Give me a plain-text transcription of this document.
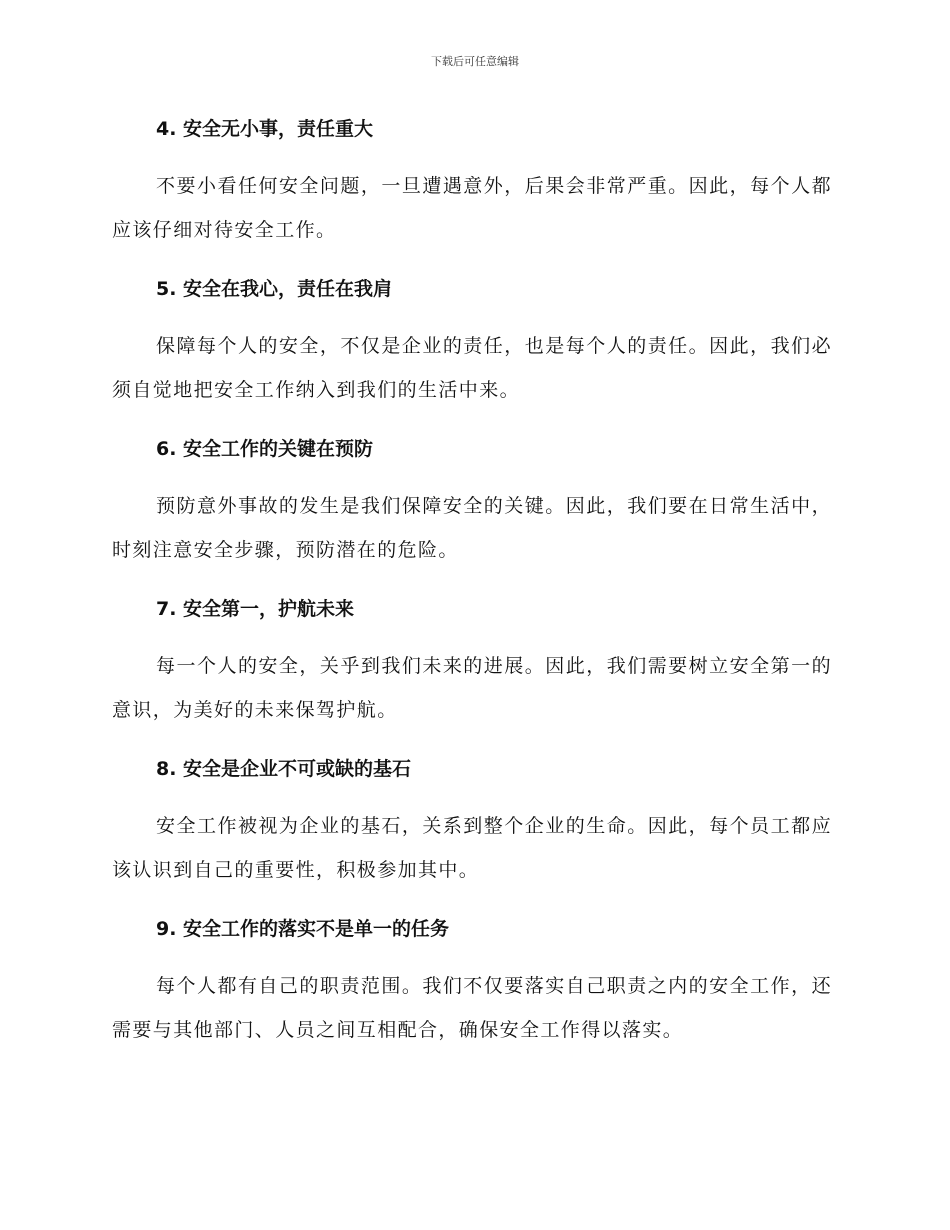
下载后可任意编辑
4. 安全无小事，责任重大

不要小看任何安全问题，一旦遭遇意外，后果会非常严重。因此，每个人都应该仔细对待安全工作。

5. 安全在我心，责任在我肩

保障每个人的安全，不仅是企业的责任，也是每个人的责任。因此，我们必须自觉地把安全工作纳入到我们的生活中来。

6. 安全工作的关键在预防

预防意外事故的发生是我们保障安全的关键。因此，我们要在日常生活中，时刻注意安全步骤，预防潜在的危险。

7. 安全第一，护航未来

每一个人的安全，关乎到我们未来的进展。因此，我们需要树立安全第一的意识，为美好的未来保驾护航。

8. 安全是企业不可或缺的基石

安全工作被视为企业的基石，关系到整个企业的生命。因此，每个员工都应该认识到自己的重要性，积极参加其中。

9. 安全工作的落实不是单一的任务

每个人都有自己的职责范围。我们不仅要落实自己职责之内的安全工作，还需要与其他部门、人员之间互相配合，确保安全工作得以落实。
